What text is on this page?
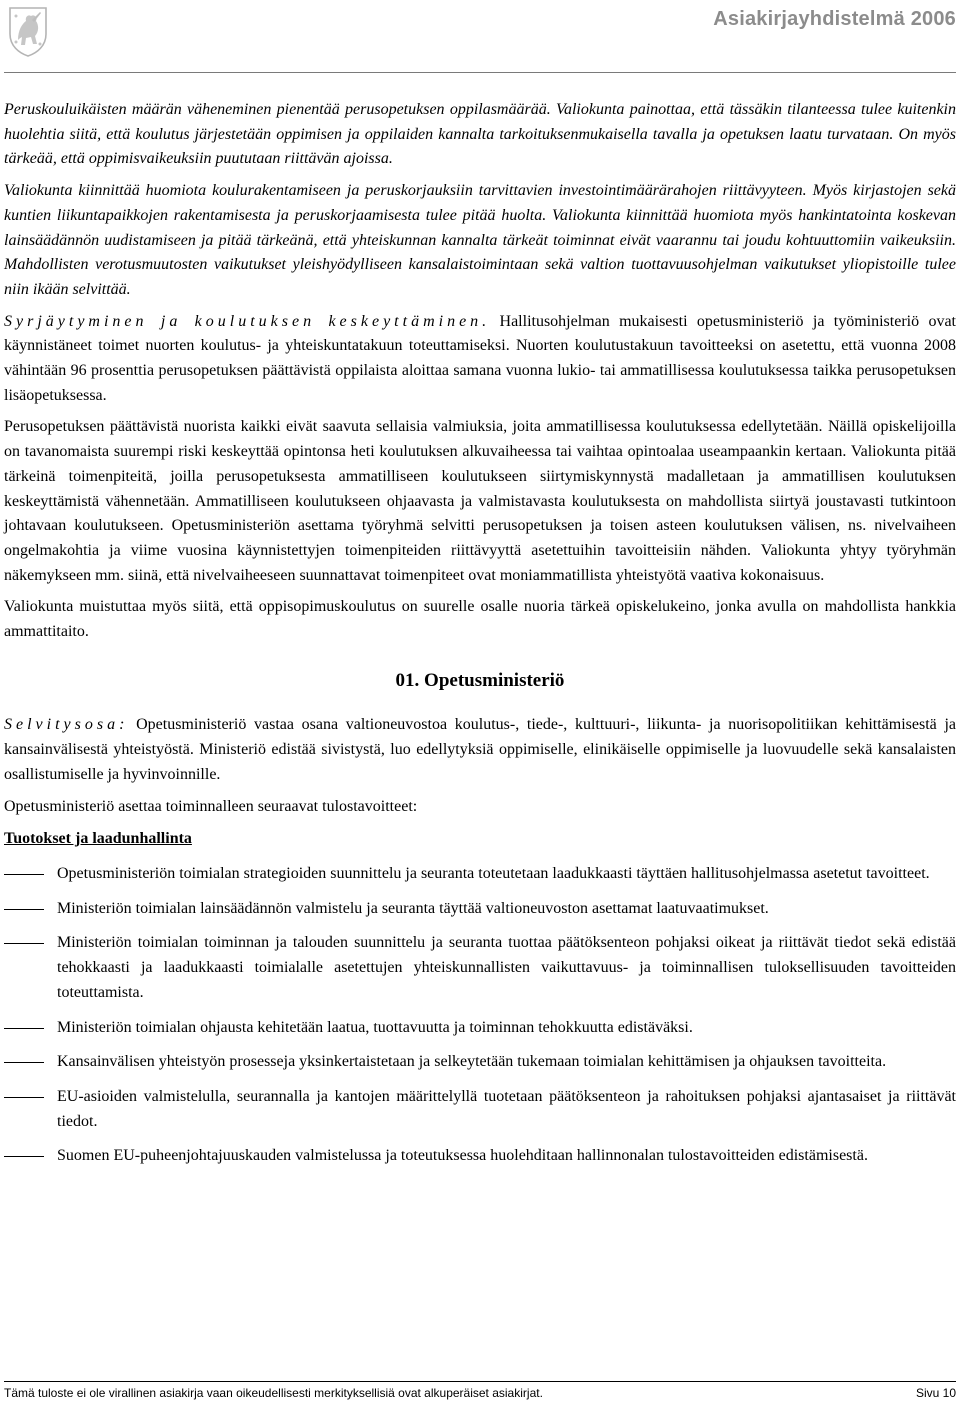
Asiakirjayhdistelmä 2006

Peruskouluikäisten määrän väheneminen pienentää perusopetuksen oppilasmäärää. Valiokunta painottaa, että tässäkin tilanteessa tulee kuitenkin huolehtia siitä, että koulutus järjestetään oppimisen ja oppilaiden kannalta tarkoituksenmukaisella tavalla ja opetuksen laatu turvataan. On myös tärkeää, että oppimisvaikeuksiin puututaan riittävän ajoissa.

Valiokunta kiinnittää huomiota koulurakentamiseen ja peruskorjauksiin tarvittavien investointimäärärahojen riittävyyteen. Myös kirjastojen sekä kuntien liikuntapaikkojen rakentamisesta ja peruskorjaamisesta tulee pitää huolta. Valiokunta kiinnittää huomiota myös hankintatointa koskevan lainsäädännön uudistamiseen ja pitää tärkeänä, että yhteiskunnan kannalta tärkeät toiminnat eivät vaarannu tai joudu kohtuuttomiin vaikeuksiin. Mahdollisten verotusmuutosten vaikutukset yleishyödylliseen kansalaistoimintaan sekä valtion tuottavuusohjelman vaikutukset yliopistoille tulee niin ikään selvittää.

Syrjäytyminen ja koulutuksen keskeyttäminen. Hallitusohjelman mukaisesti opetusministeriö ja työministeriö ovat käynnistäneet toimet nuorten koulutus- ja yhteiskuntatakuun toteuttamiseksi. Nuorten koulutustakuun tavoitteeksi on asetettu, että vuonna 2008 vähintään 96 prosenttia perusopetuksen päättävistä oppilaista aloittaa samana vuonna lukio- tai ammatillisessa koulutuksessa taikka perusopetuksen lisäopetuksessa.

Perusopetuksen päättävistä nuorista kaikki eivät saavuta sellaisia valmiuksia, joita ammatillisessa koulutuksessa edellytetään. Näillä opiskelijoilla on tavanomaista suurempi riski keskeyttää opintonsa heti koulutuksen alkuvaiheessa tai vaihtaa opintoalaa useampaankin kertaan. Valiokunta pitää tärkeinä toimenpiteitä, joilla perusopetuksesta ammatilliseen koulutukseen siirtymiskynnystä madalletaan ja ammatillisen koulutuksen keskeyttämistä vähennetään. Ammatilliseen koulutukseen ohjaavasta ja valmistavasta koulutuksesta on mahdollista siirtyä joustavasti tutkintoon johtavaan koulutukseen. Opetusministeriön asettama työryhmä selvitti perusopetuksen ja toisen asteen koulutuksen välisen, ns. nivelvaiheen ongelmakohtia ja viime vuosina käynnistettyjen toimenpiteiden riittävyyttä asetettuihin tavoitteisiin nähden. Valiokunta yhtyy työryhmän näkemykseen mm. siinä, että nivelvaiheeseen suunnattavat toimenpiteet ovat moniammatillista yhteistyötä vaativa kokonaisuus.

Valiokunta muistuttaa myös siitä, että oppisopimuskoulutus on suurelle osalle nuoria tärkeä opiskelukeino, jonka avulla on mahdollista hankkia ammattitaito.

01. Opetusministeriö

Selvitysosa: Opetusministeriö vastaa osana valtioneuvostoa koulutus-, tiede-, kulttuuri-, liikunta- ja nuorisopolitiikan kehittämisestä ja kansainvälisestä yhteistyöstä. Ministeriö edistää sivistystä, luo edellytyksiä oppimiselle, elinikäiselle oppimiselle ja luovuudelle sekä kansalaisten osallistumiselle ja hyvinvoinnille.

Opetusministeriö asettaa toiminnalleen seuraavat tulostavoitteet:

Tuotokset ja laadunhallinta
Opetusministeriön toimialan strategioiden suunnittelu ja seuranta toteutetaan laadukkaasti täyttäen hallitusohjelmassa asetetut tavoitteet.
Ministeriön toimialan lainsäädännön valmistelu ja seuranta täyttää valtioneuvoston asettamat laatuvaatimukset.
Ministeriön toimialan toiminnan ja talouden suunnittelu ja seuranta tuottaa päätöksenteon pohjaksi oikeat ja riittävät tiedot sekä edistää tehokkaasti ja laadukkaasti toimialalle asetettujen yhteiskunnallisten vaikuttavuus- ja toiminnallisen tuloksellisuuden tavoitteiden toteuttamista.
Ministeriön toimialan ohjausta kehitetään laatua, tuottavuutta ja toiminnan tehokkuutta edistäväksi.
Kansainvälisen yhteistyön prosesseja yksinkertaistetaan ja selkeytetään tukemaan toimialan kehittämisen ja ohjauksen tavoitteita.
EU-asioiden valmistelulla, seurannalla ja kantojen määrittelyllä tuotetaan päätöksenteon ja rahoituksen pohjaksi ajantasaiset ja riittävät tiedot.
Suomen EU-puheenjohtajuuskauden valmistelussa ja toteutuksessa huolehditaan hallinnonalan tulostavoitteiden edistämisestä.
Tämä tuloste ei ole virallinen asiakirja vaan oikeudellisesti merkityksellisiä ovat alkuperäiset asiakirjat.	Sivu 10
